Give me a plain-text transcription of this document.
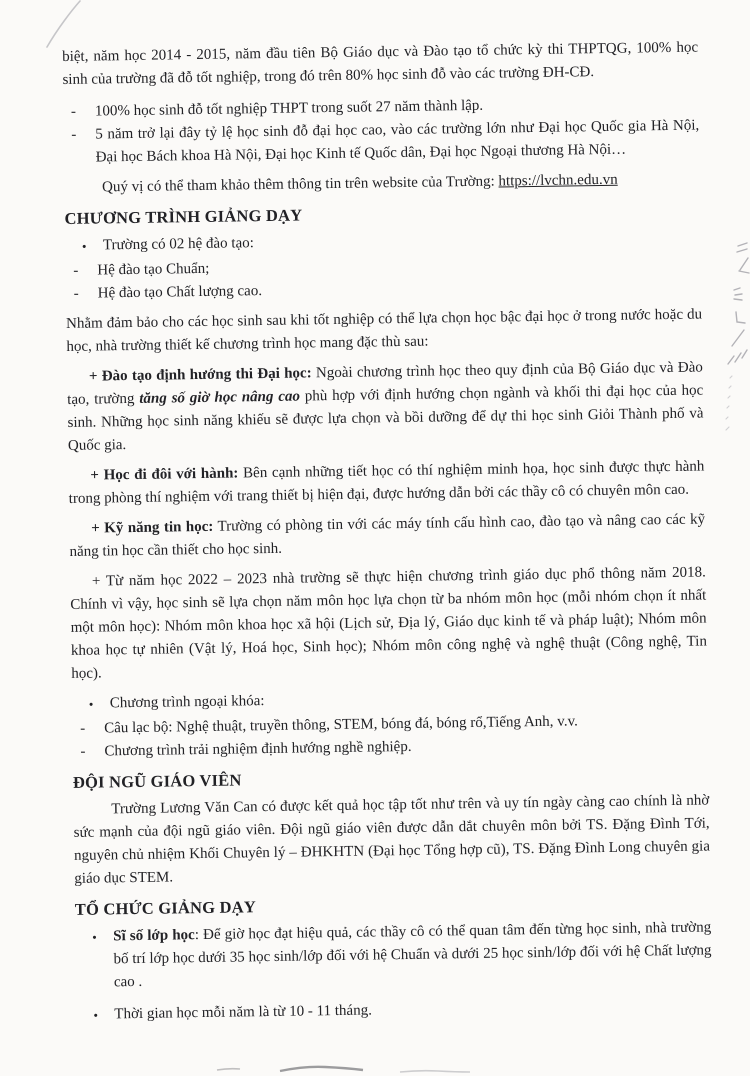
biệt, năm học 2014 - 2015, năm đầu tiên Bộ Giáo dục và Đào tạo tổ chức kỳ thi THPTQG, 100% học sinh của trường đã đỗ tốt nghiệp, trong đó trên 80% học sinh đỗ vào các trường ĐH-CĐ.

-	100% học sinh đỗ tốt nghiệp THPT trong suốt 27 năm thành lập.
-	5 năm trở lại đây tỷ lệ học sinh đỗ đại học cao, vào các trường lớn như Đại học Quốc gia Hà Nội, Đại học Bách khoa Hà Nội, Đại học Kinh tế Quốc dân, Đại học Ngoại thương Hà Nội…

Quý vị có thể tham khảo thêm thông tin trên website của Trường: https://lvchn.edu.vn

CHƯƠNG TRÌNH GIẢNG DẠY
•	Trường có 02 hệ đào tạo:
-	Hệ đào tạo Chuẩn;
-	Hệ đào tạo Chất lượng cao.

Nhằm đảm bảo cho các học sinh sau khi tốt nghiệp có thể lựa chọn học bậc đại học ở trong nước hoặc du học, nhà trường thiết kế chương trình học mang đặc thù sau:

+ Đào tạo định hướng thi Đại học: Ngoài chương trình học theo quy định của Bộ Giáo dục và Đào tạo, trường tăng số giờ học nâng cao phù hợp với định hướng chọn ngành và khối thi đại học của học sinh. Những học sinh năng khiếu sẽ được lựa chọn và bồi dưỡng để dự thi học sinh Giỏi Thành phố và Quốc gia.

+ Học đi đôi với hành: Bên cạnh những tiết học có thí nghiệm minh họa, học sinh được thực hành trong phòng thí nghiệm với trang thiết bị hiện đại, được hướng dẫn bởi các thầy cô có chuyên môn cao.

+ Kỹ năng tin học: Trường có phòng tin với các máy tính cấu hình cao, đào tạo và nâng cao các kỹ năng tin học cần thiết cho học sinh.

+ Từ năm học 2022 – 2023 nhà trường sẽ thực hiện chương trình giáo dục phổ thông năm 2018. Chính vì vậy, học sinh sẽ lựa chọn năm môn học lựa chọn từ ba nhóm môn học (mỗi nhóm chọn ít nhất một môn học): Nhóm môn khoa học xã hội (Lịch sử, Địa lý, Giáo dục kinh tế và pháp luật); Nhóm môn khoa học tự nhiên (Vật lý, Hoá học, Sinh học); Nhóm môn công nghệ và nghệ thuật (Công nghệ, Tin học).

•	Chương trình ngoại khóa:
-	Câu lạc bộ: Nghệ thuật, truyền thông, STEM, bóng đá, bóng rổ,Tiếng Anh, v.v.
-	Chương trình trải nghiệm định hướng nghề nghiệp.
ĐỘI NGŨ GIÁO VIÊN

Trường Lương Văn Can có được kết quả học tập tốt như trên và uy tín ngày càng cao chính là nhờ sức mạnh của đội ngũ giáo viên. Đội ngũ giáo viên được dẫn dắt chuyên môn bởi TS. Đặng Đình Tới, nguyên chủ nhiệm Khối Chuyên lý – ĐHKHTN (Đại học Tổng hợp cũ), TS. Đặng Đình Long chuyên gia giáo dục STEM.

TỔ CHỨC GIẢNG DẠY
•	Sĩ số lớp học: Để giờ học đạt hiệu quả, các thầy cô có thể quan tâm đến từng học sinh, nhà trường bố trí lớp học dưới 35 học sinh/lớp đối với hệ Chuẩn và dưới 25 học sinh/lớp đối với hệ Chất lượng cao .
•	Thời gian học mỗi năm là từ 10 - 11 tháng.
